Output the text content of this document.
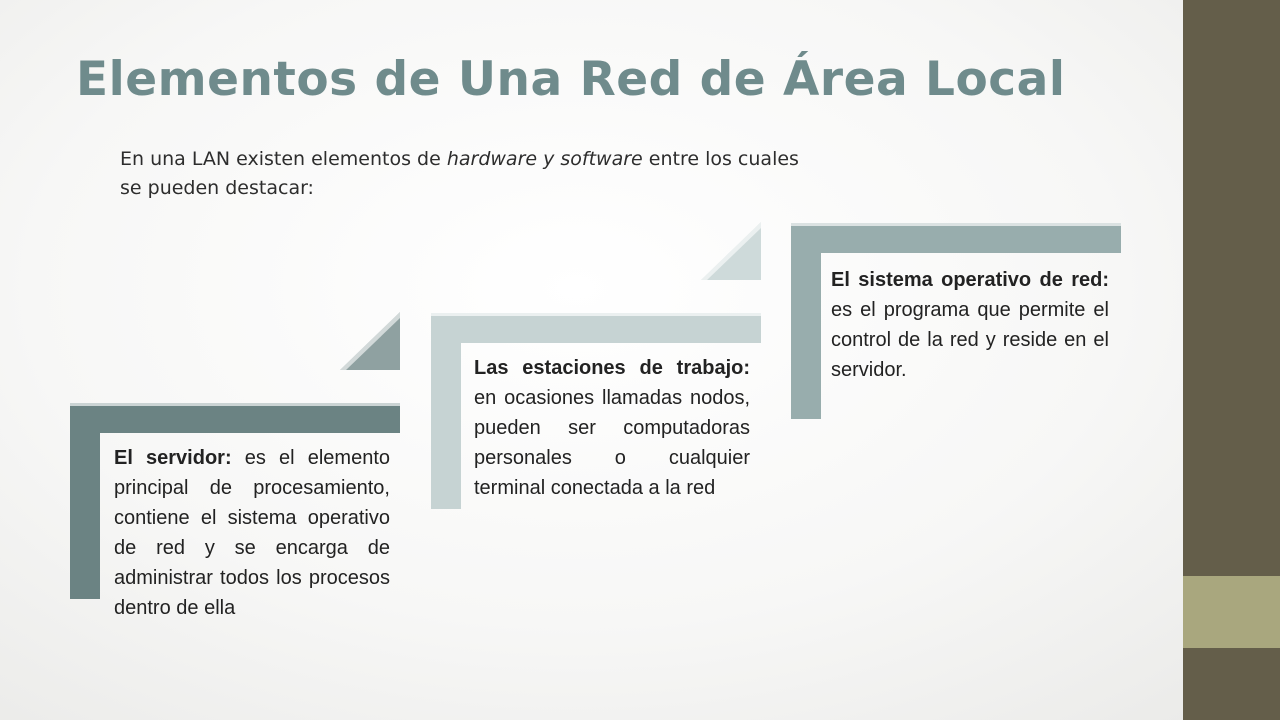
Elementos de Una Red de Área Local
En una LAN existen elementos de hardware y software entre los cuales se pueden destacar:
El servidor: es el elemento principal de procesamiento, contiene el sistema operativo de red y se encarga de administrar todos los procesos dentro de ella
Las estaciones de trabajo: en ocasiones llamadas nodos, pueden ser computadoras personales o cualquier terminal conectada a la red
El sistema operativo de red: es el programa que permite el control de la red y reside en el servidor.
